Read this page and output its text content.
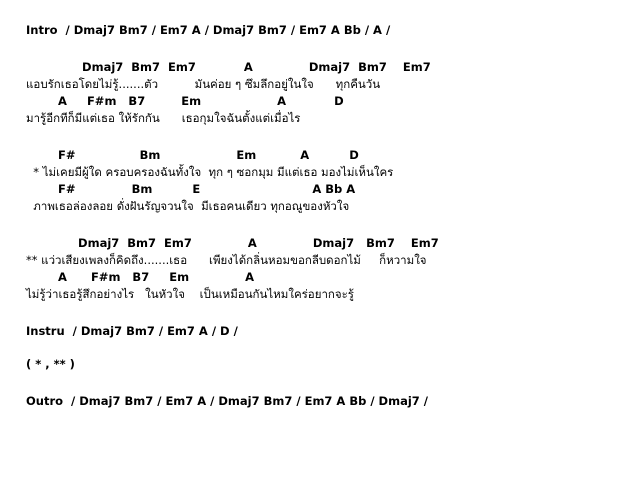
Intro  / Dmaj7 Bm7 / Em7 A / Dmaj7 Bm7 / Em7 A Bb / A /
Dmaj7  Bm7  Em7            A              Dmaj7  Bm7    Em7
แอบรักเธอโดยไม่รู้.......ตัว          มันค่อย ๆ ซึมลึกอยู่ในใจ      ทุกคืนวัน
A     F#m   B7         Em                   A            D
มารู้อีกทีก็มีแต่เธอ ให้รักกัน      เธอกุมใจฉันตั้งแต่เมื่อไร
F#                Bm                   Em           A          D
* ไม่เคยมีผู้ใด ครอบครองฉันทั้งใจ  ทุก ๆ ซอกมุม มีแต่เธอ มองไม่เห็นใคร
F#              Bm          E                            A Bb A
ภาพเธอล่องลอย ดั่งฝันรัญจวนใจ  มีเธอคนเดียว ทุกอณูของหัวใจ
Dmaj7  Bm7  Em7              A              Dmaj7   Bm7    Em7
** แว่วเสียงเพลงก็คิดถึง.......เธอ      เพียงได้กลิ่นหอมขอกลีบดอกไม้     ก็หวามใจ
A      F#m   B7     Em              A
ไม่รู้ว่าเธอรู้สึกอย่างไร   ในหัวใจ    เป็นเหมือนกันไหมใคร่อยากจะรู้
Instru  / Dmaj7 Bm7 / Em7 A / D /
( * , ** )
Outro  / Dmaj7 Bm7 / Em7 A / Dmaj7 Bm7 / Em7 A Bb / Dmaj7 /
